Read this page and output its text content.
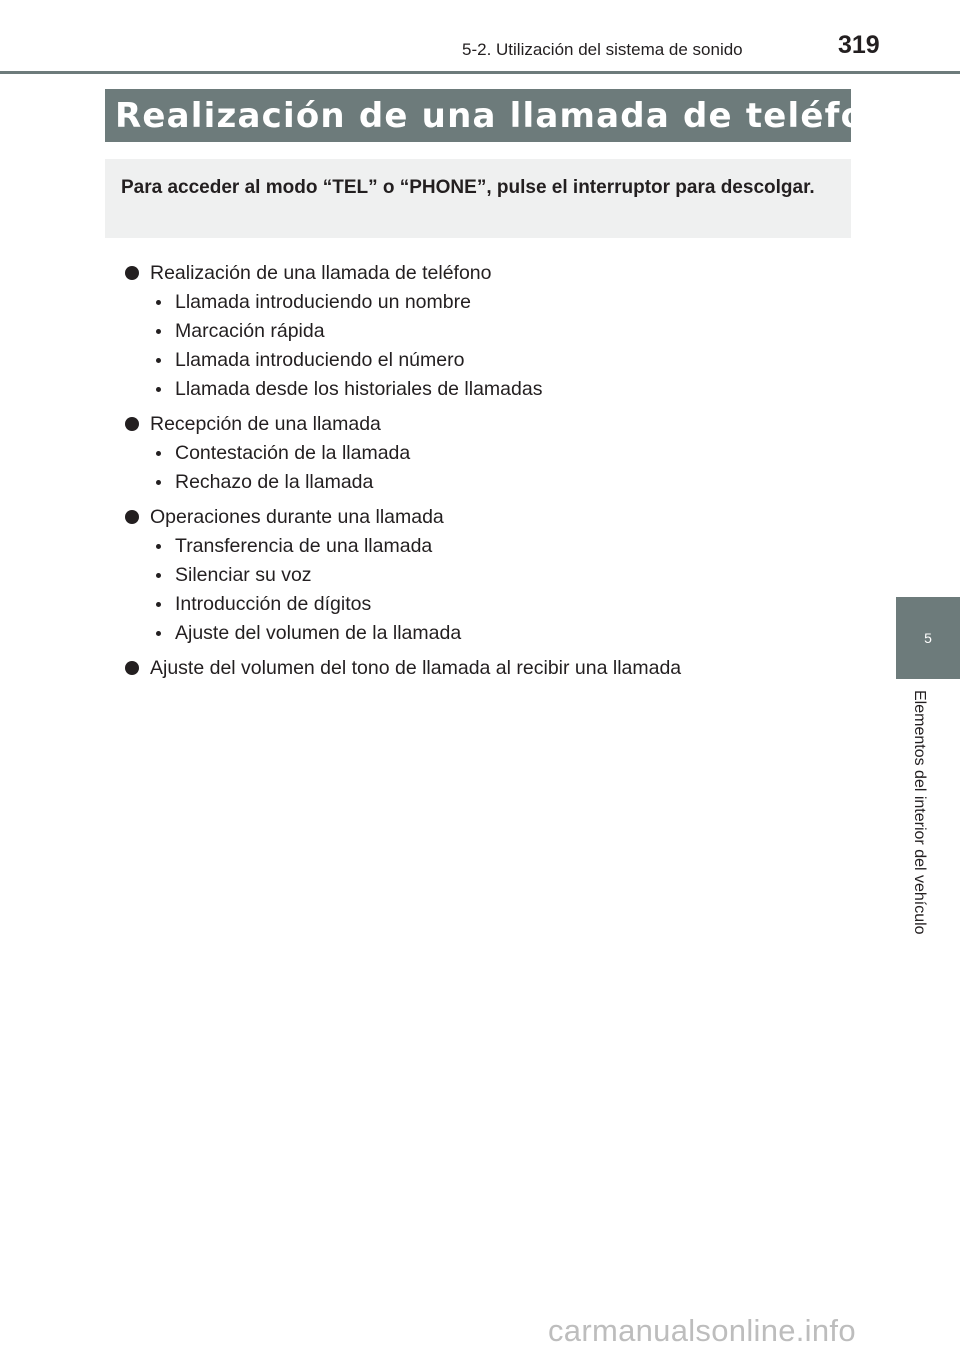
5-2. Utilización del sistema de sonido	319
Realización de una llamada de teléfono

Para acceder al modo “TEL” o “PHONE”, pulse el interruptor para descolgar.

Realización de una llamada de teléfono
Llamada introduciendo un nombre
Marcación rápida
Llamada introduciendo el número
Llamada desde los historiales de llamadas
Recepción de una llamada
Contestación de la llamada
Rechazo de la llamada
Operaciones durante una llamada
Transferencia de una llamada
Silenciar su voz
Introducción de dígitos
Ajuste del volumen de la llamada
Ajuste del volumen del tono de llamada al recibir una llamada
5
Elementos del interior del vehículo
carmanualsonline.info
